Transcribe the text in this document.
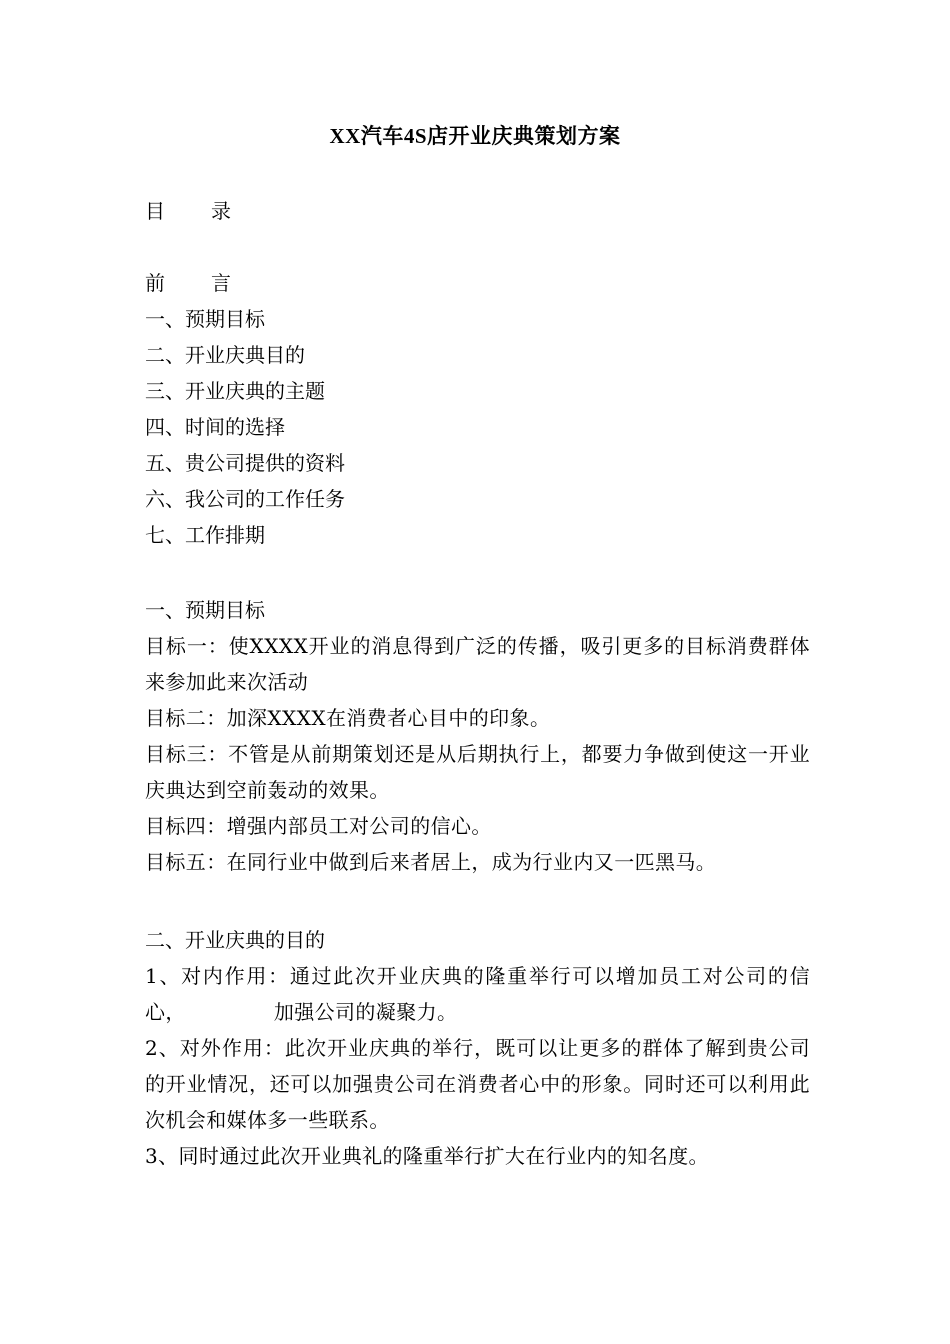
XX汽车4S店开业庆典策划方案
目 录
前 言
一、预期目标
二、开业庆典目的
三、开业庆典的主题
四、时间的选择
五、贵公司提供的资料
六、我公司的工作任务
七、工作排期
一、预期目标
目标一：使XXXX开业的消息得到广泛的传播，吸引更多的目标消费群体来参加此来次活动
目标二：加深XXXX在消费者心目中的印象。
目标三：不管是从前期策划还是从后期执行上，都要力争做到使这一开业庆典达到空前轰动的效果。
目标四：增强内部员工对公司的信心。
目标五：在同行业中做到后来者居上，成为行业内又一匹黑马。
二、开业庆典的目的
1、对内作用：通过此次开业庆典的隆重举行可以增加员工对公司的信心，	加强公司的凝聚力。
2、对外作用：此次开业庆典的举行，既可以让更多的群体了解到贵公司的开业情况，还可以加强贵公司在消费者心中的形象。同时还可以利用此次机会和媒体多一些联系。
3、同时通过此次开业典礼的隆重举行扩大在行业内的知名度。
